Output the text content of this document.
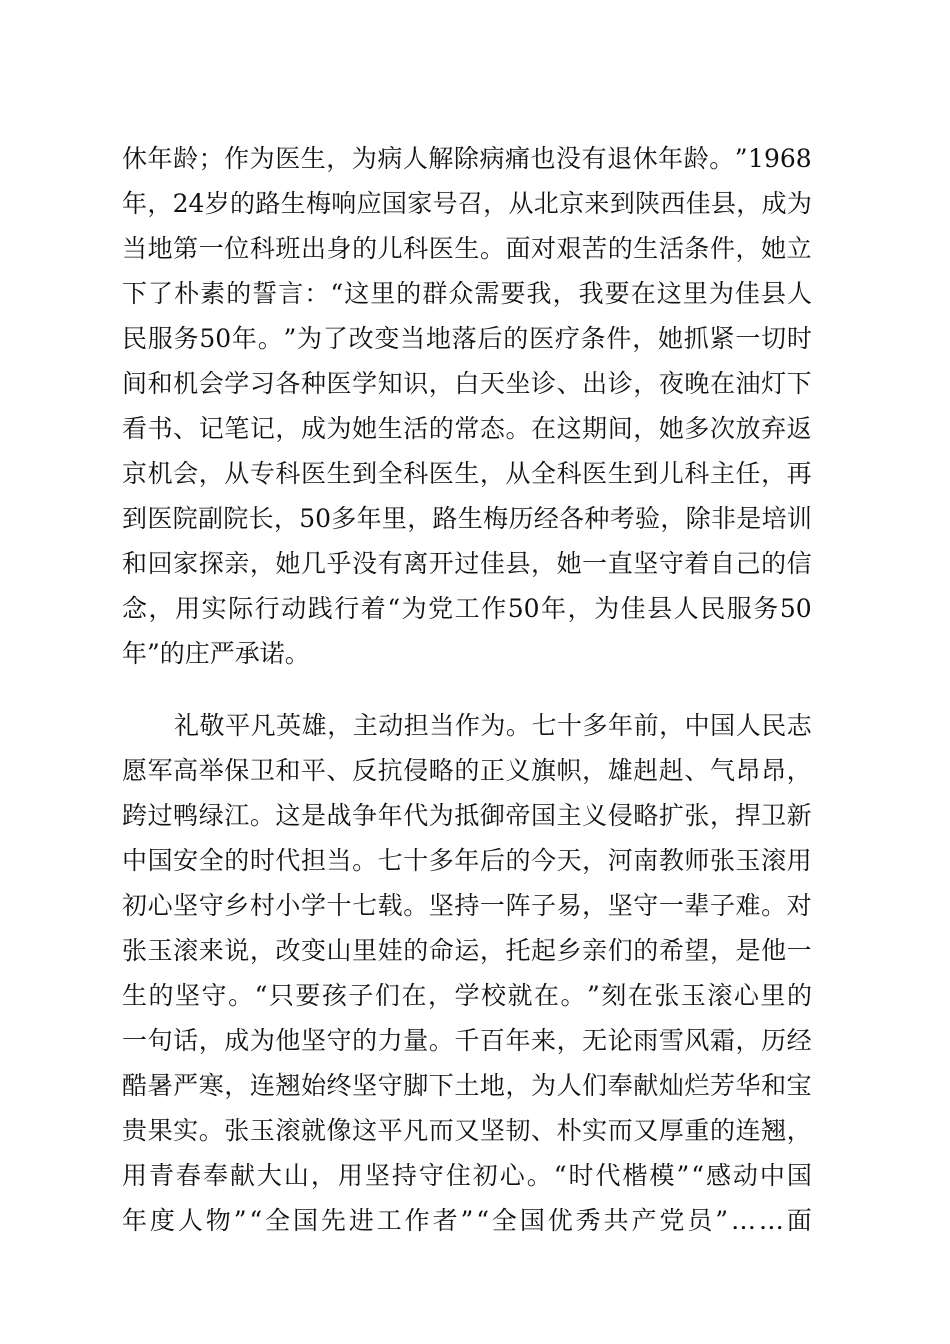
休 年 龄 ； 作 为 医 生 ， 为 病 人 解 除 病 痛 也 没 有 退 休 年 龄 。 ” 1968
年 ， 24 岁 的 路 生 梅 响 应 国 家 号 召 ， 从 北 京 来 到 陕 西 佳 县 ， 成 为
当 地 第 一 位 科 班 出 身 的 儿 科 医 生 。 面 对 艰 苦 的 生 活 条 件 ， 她 立
下 了 朴 素 的 誓 言 ： “ 这 里 的 群 众 需 要 我 ， 我 要 在 这 里 为 佳 县 人
民 服 务 50 年 。 ” 为 了 改 变 当 地 落 后 的 医 疗 条 件 ， 她 抓 紧 一 切 时
间 和 机 会 学 习 各 种 医 学 知 识 ， 白 天 坐 诊 、 出 诊 ， 夜 晚 在 油 灯 下
看 书 、 记 笔 记 ， 成 为 她 生 活 的 常 态 。 在 这 期 间 ， 她 多 次 放 弃 返
京 机 会 ， 从 专 科 医 生 到 全 科 医 生 ， 从 全 科 医 生 到 儿 科 主 任 ， 再
到 医 院 副 院 长 ， 50 多 年 里 ， 路 生 梅 历 经 各 种 考 验 ， 除 非 是 培 训
和 回 家 探 亲 ， 她 几 乎 没 有 离 开 过 佳 县 ， 她 一 直 坚 守 着 自 己 的 信
念 ， 用 实 际 行 动 践 行 着 “ 为 党 工 作 50 年 ， 为 佳 县 人 民 服 务 50
年”的庄严承诺。
礼 敬 平 凡 英 雄 ， 主 动 担 当 作 为 。 七 十 多 年 前 ， 中 国 人 民 志
愿 军 高 举 保 卫 和 平 、 反 抗 侵 略 的 正 义 旗 帜 ， 雄 赳 赳 、 气 昂 昂 ，
跨 过 鸭 绿 江 。 这 是 战 争 年 代 为 抵 御 帝 国 主 义 侵 略 扩 张 ， 捍 卫 新
中 国 安 全 的 时 代 担 当 。 七 十 多 年 后 的 今 天 ， 河 南 教 师 张 玉 滚 用
初 心 坚 守 乡 村 小 学 十 七 载 。 坚 持 一 阵 子 易 ， 坚 守 一 辈 子 难 。 对
张 玉 滚 来 说 ， 改 变 山 里 娃 的 命 运 ， 托 起 乡 亲 们 的 希 望 ， 是 他 一
生 的 坚 守 。 “ 只 要 孩 子 们 在 ， 学 校 就 在 。 ” 刻 在 张 玉 滚 心 里 的
一 句 话 ， 成 为 他 坚 守 的 力 量 。 千 百 年 来 ， 无 论 雨 雪 风 霜 ， 历 经
酷 暑 严 寒 ， 连 翘 始 终 坚 守 脚 下 土 地 ， 为 人 们 奉 献 灿 烂 芳 华 和 宝
贵 果 实 。 张 玉 滚 就 像 这 平 凡 而 又 坚 韧 、 朴 实 而 又 厚 重 的 连 翘 ，
用 青 春 奉 献 大 山 ， 用 坚 持 守 住 初 心 。 “ 时 代 楷 模 ” “ 感 动 中 国
年 度 人 物 ” “ 全 国 先 进 工 作 者 ” “ 全 国 优 秀 共 产 党 员 ” … … 面
